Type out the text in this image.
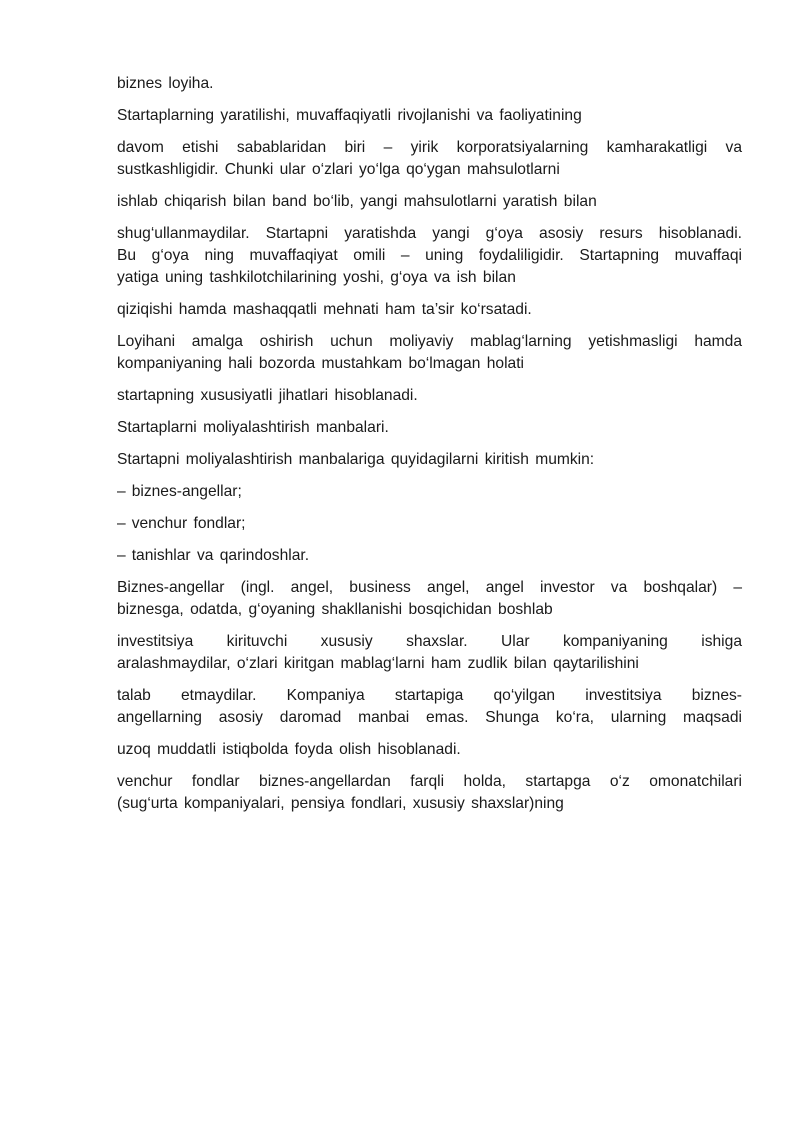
biznes loyiha.

Startaplarning yaratilishi, muvaffaqiyatli rivojlanishi va faoliyatining

davom etishi sabablaridan biri – yirik korporatsiyalarning kamharakatligi va
sustkashligidir. Chunki ular o‘zlari yo‘lga qo‘ygan mahsulotlarni

ishlab chiqarish bilan band bo‘lib, yangi mahsulotlarni yaratish bilan

shug‘ullanmaydilar. Startapni yaratishda yangi g‘oya asosiy resurs hisoblanadi.
Bu g‘oya ning muvaffaqiyat omili – uning foydaliligidir. Startapning muvaffaqi
yatiga uning tashkilotchilarining yoshi, g‘oya va ish bilan

qiziqishi hamda mashaqqatli mehnati ham ta’sir ko‘rsatadi.

Loyihani amalga oshirish uchun moliyaviy mablag‘larning yetishmasligi hamda
kompaniyaning hali bozorda mustahkam bo‘lmagan holati

startapning xususiyatli jihatlari hisoblanadi.

Startaplarni moliyalashtirish manbalari.

Startapni moliyalashtirish manbalariga quyidagilarni kiritish mumkin:

– biznes-angellar;

– venchur fondlar;

– tanishlar va qarindoshlar.

Biznes-angellar (ingl. angel, business angel, angel investor va boshqalar) –
biznesga, odatda, g‘oyaning shakllanishi bosqichidan boshlab

investitsiya kirituvchi xususiy shaxslar. Ular kompaniyaning ishiga
aralashmaydilar, o‘zlari kiritgan mablag‘larni ham zudlik bilan qaytarilishini

talab etmaydilar. Kompaniya startapiga qo‘yilgan investitsiya biznes-
angellarning asosiy daromad manbai emas. Shunga ko‘ra, ularning maqsadi

uzoq muddatli istiqbolda foyda olish hisoblanadi.

venchur fondlar biznes-angellardan farqli holda, startapga o‘z omonatchilari
(sug‘urta kompaniyalari, pensiya fondlari, xususiy shaxslar)ning
